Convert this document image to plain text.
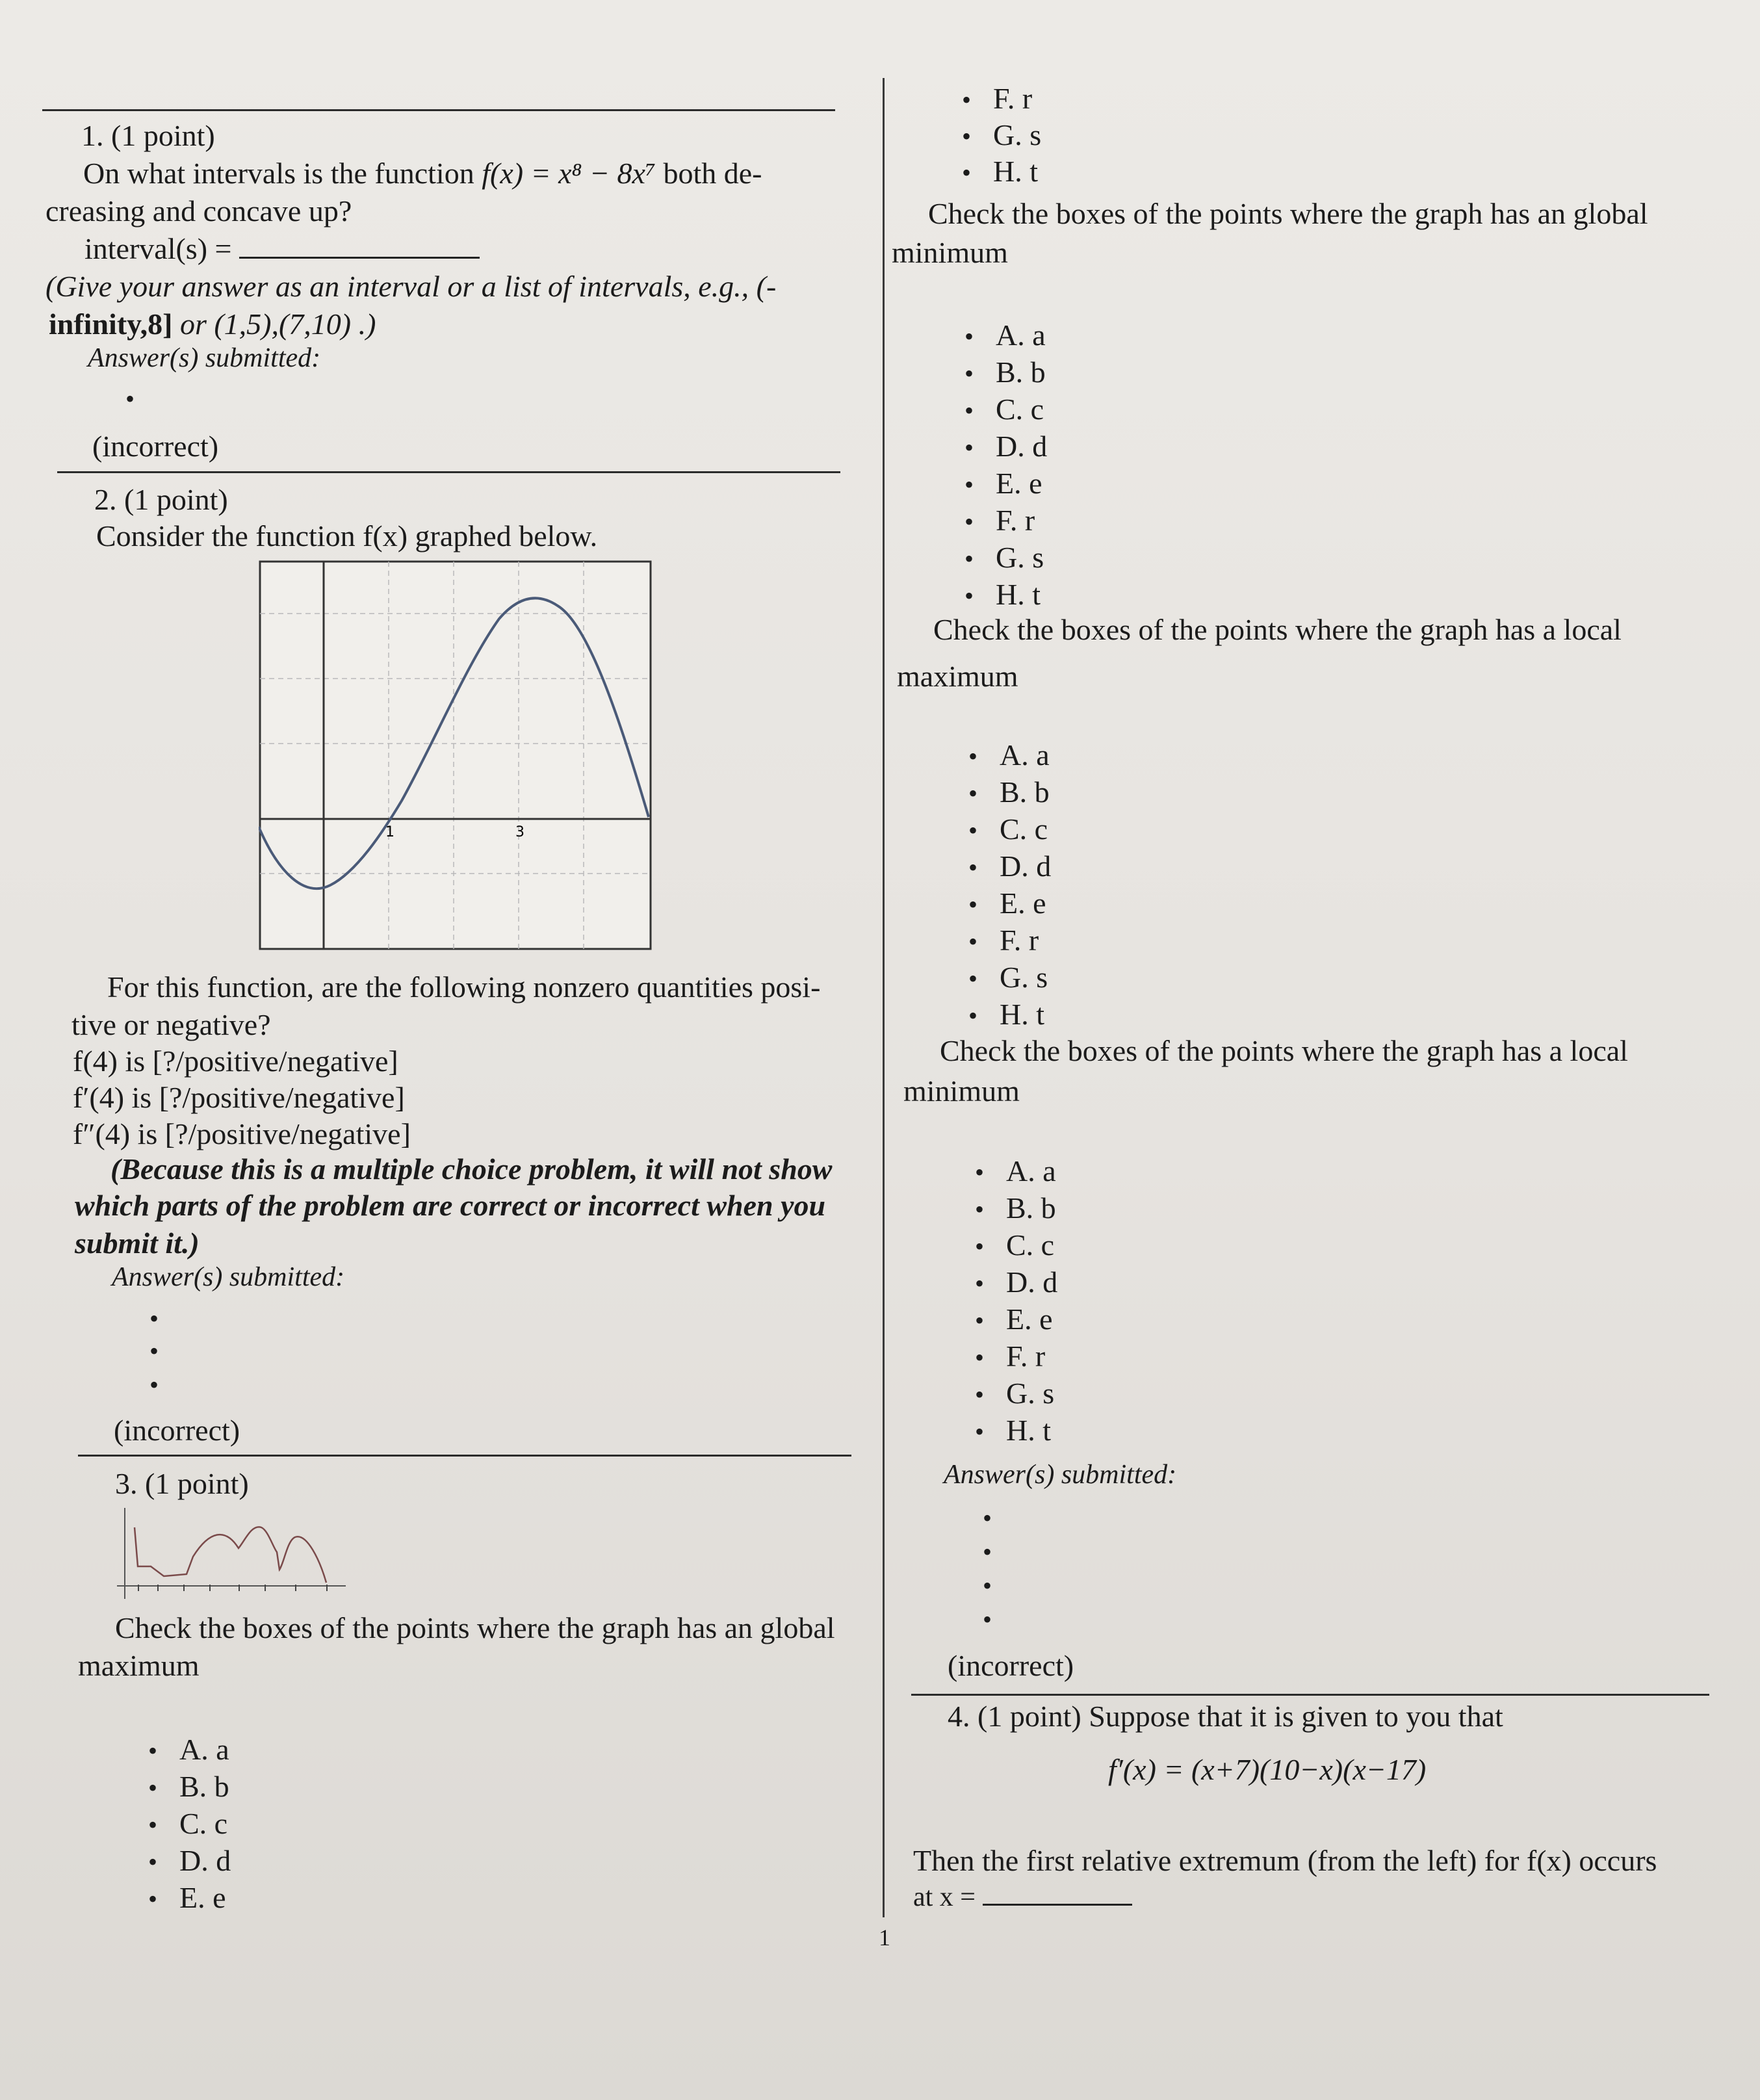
1
1. (1 point)
On what intervals is the function f(x) = x⁸ − 8x⁷ both de-
creasing and concave up?
interval(s) =
(Give your answer as an interval or a list of intervals, e.g., (-
infinity,8] or (1,5),(7,10) .)
Answer(s) submitted:
•
(incorrect)
2. (1 point)
Consider the function f(x) graphed below.
1	3
For this function, are the following nonzero quantities posi-
tive or negative?
f(4) is [?/positive/negative]
f′(4) is [?/positive/negative]
f″(4) is [?/positive/negative]
(Because this is a multiple choice problem, it will not show
which parts of the problem are correct or incorrect when you
submit it.)
Answer(s) submitted:
•
•
•
(incorrect)
3. (1 point)
Check the boxes of the points where the graph has an global
maximum
• A. a
• B. b
• C. c
• D. d
• E. e
• F. r
• G. s
• H. t
Check the boxes of the points where the graph has an global
minimum
• A. a
• B. b
• C. c
• D. d
• E. e
• F. r
• G. s
• H. t
Check the boxes of the points where the graph has a local
maximum
• A. a
• B. b
• C. c
• D. d
• E. e
• F. r
• G. s
• H. t
Check the boxes of the points where the graph has a local
minimum
• A. a
• B. b
• C. c
• D. d
• E. e
• F. r
• G. s
• H. t
Answer(s) submitted:
•
•
•
•
(incorrect)
4. (1 point) Suppose that it is given to you that
f′(x) = (x+7)(10−x)(x−17)
Then the first relative extremum (from the left) for f(x) occurs
at x =
